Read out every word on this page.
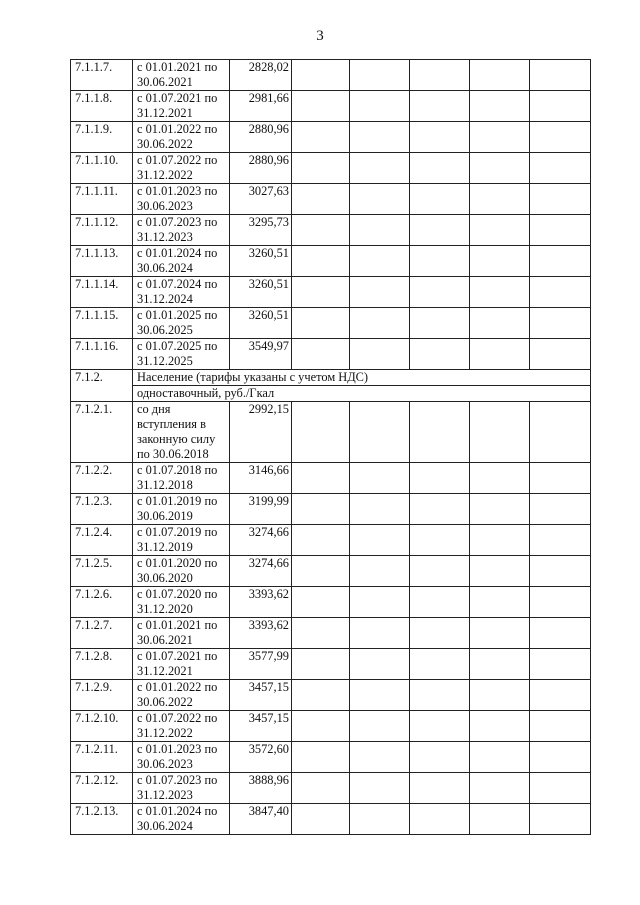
3
7.1.1.7.	с 01.01.2021 по 30.06.2021	2828,02					
7.1.1.8.	с 01.07.2021 по 31.12.2021	2981,66					
7.1.1.9.	с 01.01.2022 по 30.06.2022	2880,96					
7.1.1.10.	с 01.07.2022 по 31.12.2022	2880,96					
7.1.1.11.	с 01.01.2023 по 30.06.2023	3027,63					
7.1.1.12.	с 01.07.2023 по 31.12.2023	3295,73					
7.1.1.13.	с 01.01.2024 по 30.06.2024	3260,51					
7.1.1.14.	с 01.07.2024 по 31.12.2024	3260,51					
7.1.1.15.	с 01.01.2025 по 30.06.2025	3260,51					
7.1.1.16.	с 01.07.2025 по 31.12.2025	3549,97					
7.1.2.	Население (тарифы указаны с учетом НДС)
одноставочный, руб./Гкал						

7.1.2.1.	со дня вступления в законную силу по 30.06.2018	2992,15					
7.1.2.2.	с 01.07.2018 по 31.12.2018	3146,66					
7.1.2.3.	с 01.01.2019 по 30.06.2019	3199,99					
7.1.2.4.	с 01.07.2019 по 31.12.2019	3274,66					
7.1.2.5.	с 01.01.2020 по 30.06.2020	3274,66					
7.1.2.6.	с 01.07.2020 по 31.12.2020	3393,62					
7.1.2.7.	с 01.01.2021 по 30.06.2021	3393,62					
7.1.2.8.	с 01.07.2021 по 31.12.2021	3577,99					
7.1.2.9.	с 01.01.2022 по 30.06.2022	3457,15					
7.1.2.10.	с 01.07.2022 по 31.12.2022	3457,15					
7.1.2.11.	с 01.01.2023 по 30.06.2023	3572,60					
7.1.2.12.	с 01.07.2023 по 31.12.2023	3888,96					
7.1.2.13.	с 01.01.2024 по 30.06.2024	3847,40					
